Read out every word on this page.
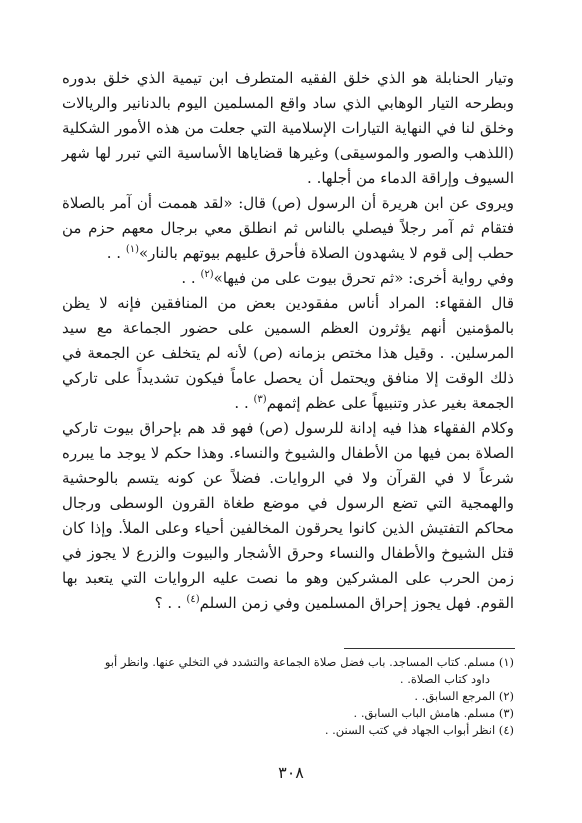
وتيار الحنابلة هو الذي خلق الفقيه المتطرف ابن تيمية الذي خلق بدوره وبطرحه التيار الوهابي الذي ساد واقع المسلمين اليوم بالدنانير والريالات وخلق لنا في النهاية التيارات الإسلامية التي جعلت من هذه الأمور الشكلية (اللذهب والصور والموسيقى) وغيرها قضاياها الأساسية التي تبرر لها شهر السيوف وإراقة الدماء من أجلها. .

ويروى عن ابن هريرة أن الرسول (ص) قال: «لقد هممت أن آمر بالصلاة فتقام ثم آمر رجلاً فيصلي بالناس ثم انطلق معي برجال معهم حزم من حطب إلى قوم لا يشهدون الصلاة فأحرق عليهم بيوتهم بالنار»$^{(١)}$ . .

وفي رواية أخرى: «ثم تحرق بيوت على من فيها»$^{(٢)}$ . .

قال الفقهاء: المراد أناس مفقودين بعض من المنافقين فإنه لا يظن بالمؤمنين أنهم يؤثرون العظم السمين على حضور الجماعة مع سيد المرسلين. . وقيل هذا مختص بزمانه (ص) لأنه لم يتخلف عن الجمعة في ذلك الوقت إلا منافق ويحتمل أن يحصل عاماً فيكون تشديداً على تاركي الجمعة بغير عذر وتنبيهاً على عظم إثمهم$^{(٣)}$ . .

وكلام الفقهاء هذا فيه إدانة للرسول (ص) فهو قد هم بإحراق بيوت تاركي الصلاة بمن فيها من الأطفال والشيوخ والنساء. وهذا حكم لا يوجد ما يبرره شرعاً لا في القرآن ولا في الروايات. فضلاً عن كونه يتسم بالوحشية والهمجية التي تضع الرسول في موضع طغاة القرون الوسطى ورجال محاكم التفتيش الذين كانوا يحرقون المخالفين أحياء وعلى الملأ. وإذا كان قتل الشيوخ والأطفال والنساء وحرق الأشجار والبيوت والزرع لا يجوز في زمن الحرب على المشركين وهو ما نصت عليه الروايات التي يتعبد بها القوم. فهل يجوز إحراق المسلمين وفي زمن السلم$^{(٤)}$ . . ؟

(١) مسلم. كتاب المساجد. باب فضل صلاة الجماعة والتشدد في التخلي عنها. وانظر أبو

داود كتاب الصلاة. .

(٢) المرجع السابق. .

(٣) مسلم. هامش الباب السابق. .

(٤) انظر أبواب الجهاد في كتب السنن. .

٣٠٨
